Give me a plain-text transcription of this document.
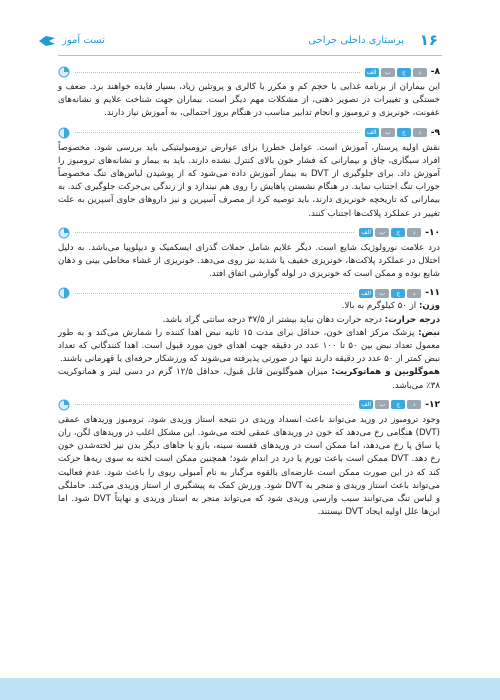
۱۶
پرستاری داخلی جراحی
تست آموز
۸-
الف	ب	ج	د

این بیماران از برنامه غذایی با حجم کم و مکرر با کالری و پروتئین زیاد، بسیار فایده خواهند برد. ضعف و خستگی و تغییرات در تصویر ذهنی، از مشکلات مهم دیگر است. بیماران جهت شناخت علایم و نشانه‌های عفونت، خونریزی و ترومبوز و انجام تدابیر مناسب در هنگام بروز احتمالی، به آموزش نیاز دارند.

۹-
الف	ب	ج	د

نقش اولیه پرستار، آموزش است. عوامل خطرزا برای عوارض ترومبولیتیکی باید بررسی شود. مخصوصاً افراد سیگاری، چاق و بیمارانی که فشار خون بالای کنترل نشده دارند. باید به بیمار و نشانه‌های ترومبوز را آموزش داد. برای جلوگیری از DVT به بیمار آموزش داده می‌شود که از پوشیدن لباس‌های تنگ مخصوصاً جوراب تنگ اجتناب نماید. در هنگام نشستن پاهایش را روی هم نیندازد و از زندگی بی‌حرکت جلوگیری کند. به بیمارانی که تاریخچه خونریزی دارند، باید توصیه کرد از مصرف آسپرین و نیز داروهای حاوی آسپرین به علت تغییر در عملکرد پلاکت‌ها اجتناب کنند.

۱۰-
الف	ب	ج	د

درد علامت نورولوژیک شایع است. دیگر علایم شامل حملات گذرای ایسکمیک و دیپلوپیا می‌باشد. به دلیل اختلال در عملکرد پلاکت‌ها، خونریزی خفیف یا شدید نیز روی می‌دهد. خونریزی از غشاء مخاطی بینی و دهان شایع بوده و ممکن است که خونریزی در لوله گوارشی اتفاق افتد.

۱۱-
الف	ب	ج	د

وزن: از ۵۰ کیلوگرم به بالا.

درجه حرارت: درجه حرارت دهان نباید بیشتر از ۳۷/۵ درجه سانتی گراد باشد.

نبض: پزشک مرکز اهدای خون، حداقل برای مدت ۱۵ ثانیه نبض اهدا کننده را شمارش می‌کند و به طور معمول تعداد نبض بین ۵۰ تا ۱۰۰ عدد در دقیقه جهت اهدای خون مورد قبول است. اهدا کنندگانی که تعداد نبض کمتر از ۵۰ عدد در دقیقه دارند تنها در صورتی پذیرفته می‌شوند که ورزشکار حرفه‌ای یا قهرمانی باشند.

هموگلوبین و هماتوکریت: میزان هموگلوبین قابل قبول، حداقل ۱۲/۵ گرم در دسی لیتر و هماتوکریت ۳۸٪ می‌باشد.

۱۲-
الف	ب	ج	د

وجود ترومبوز در ورید می‌تواند باعث انسداد وریدی در نتیجه استاز وریدی شود. ترومبوز وریدهای عمقی (DVT) هنگامی رخ می‌دهد که خون در وریدهای عمقی لخته می‌شود. این مشکل اغلب در وریدهای لگن، ران یا ساق پا رخ می‌دهد، اما ممکن است در وریدهای قفسه سینه، بازو یا جاهای دیگر بدن نیز لخته‌شدن خون رخ دهد. DVT ممکن است باعث تورم یا درد در اندام شود؛ همچنین ممکن است لخته به سوی ریه‌ها حرکت کند که در این صورت ممکن است عارضه‌ای بالقوه مرگبار به نام آمبولی ریوی را باعث شود. عدم فعالیت می‌تواند باعث استاز وریدی و منجر به DVT شود. ورزش کمک به پیشگیری از استاز وریدی می‌کند. حاملگی و لباس تنگ می‌توانند سبب وارسی وریدی شود که می‌تواند منجر به استاز وریدی و نهایتاً DVT شود. اما این‌ها علل اولیه ایجاد DVT نیستند.
